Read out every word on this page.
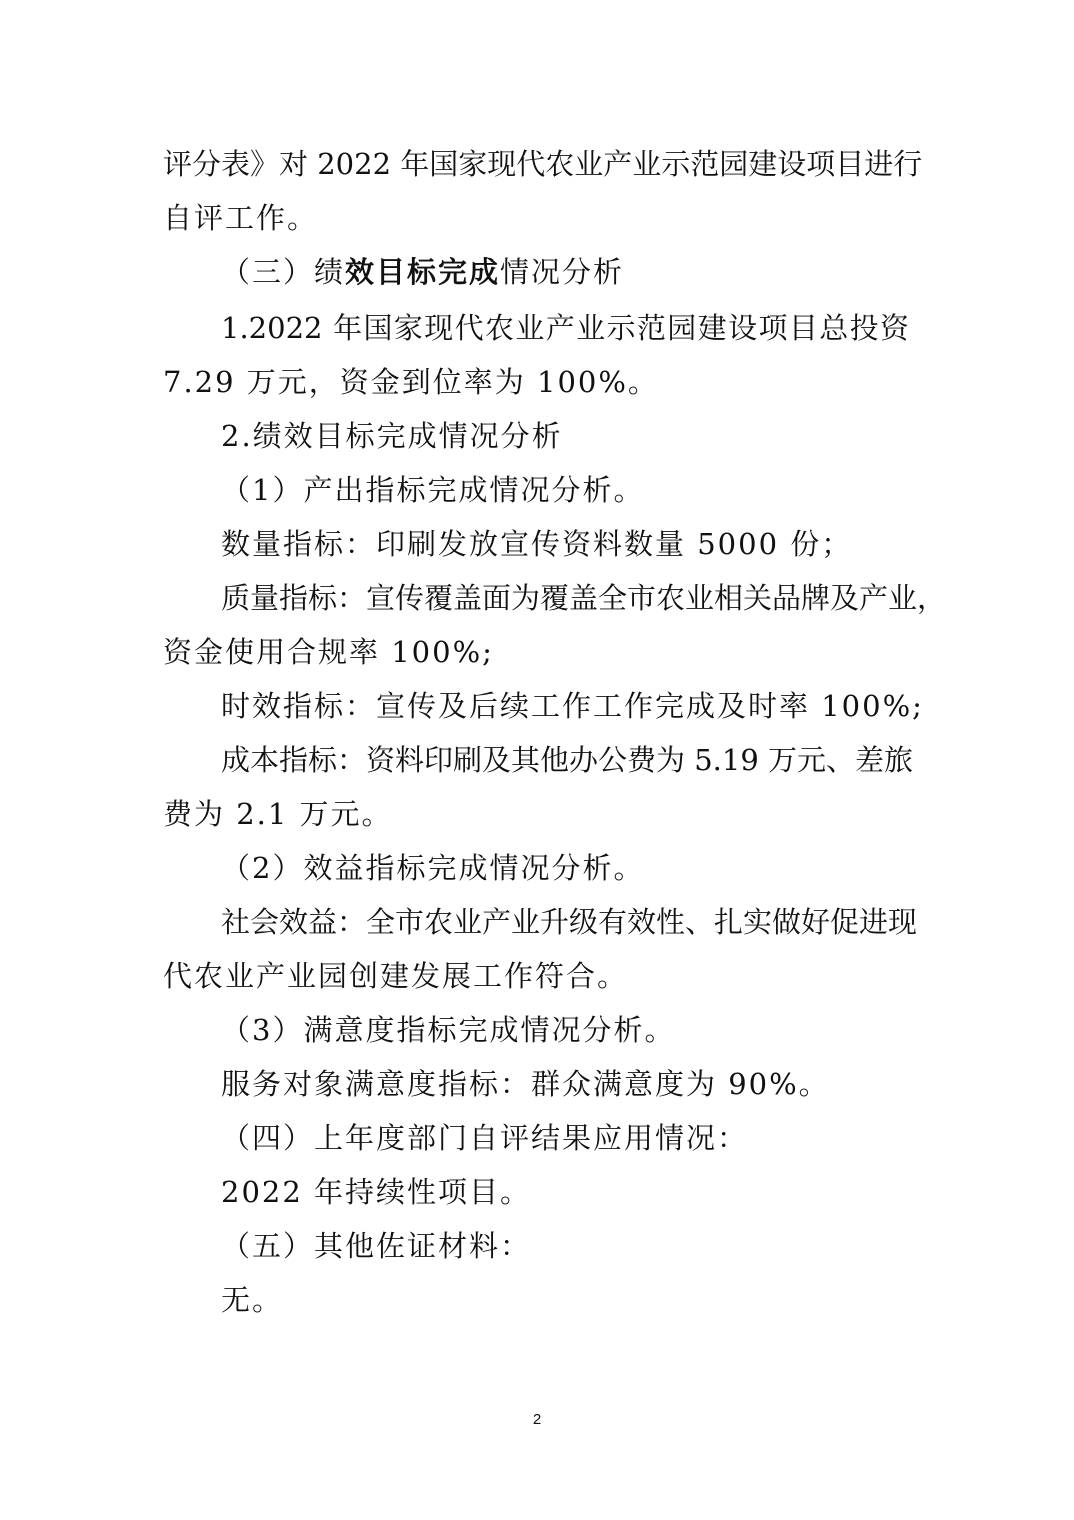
评分表》对 2022 年国家现代农业产业示范园建设项目进行
自评工作。
（三）绩效目标完成情况分析
1.2022 年国家现代农业产业示范园建设项目总投资
7.29 万元，资金到位率为 100%。
2.绩效目标完成情况分析
（1）产出指标完成情况分析。
数量指标：印刷发放宣传资料数量 5000 份；
质量指标：宣传覆盖面为覆盖全市农业相关品牌及产业，
资金使用合规率 100%;
时效指标：宣传及后续工作工作完成及时率 100%;
成本指标：资料印刷及其他办公费为 5.19 万元、差旅
费为 2.1 万元。
（2）效益指标完成情况分析。
社会效益：全市农业产业升级有效性、扎实做好促进现
代农业产业园创建发展工作符合。
（3）满意度指标完成情况分析。
服务对象满意度指标：群众满意度为 90%。
（四）上年度部门自评结果应用情况：
2022 年持续性项目。
（五）其他佐证材料：
无。
2
